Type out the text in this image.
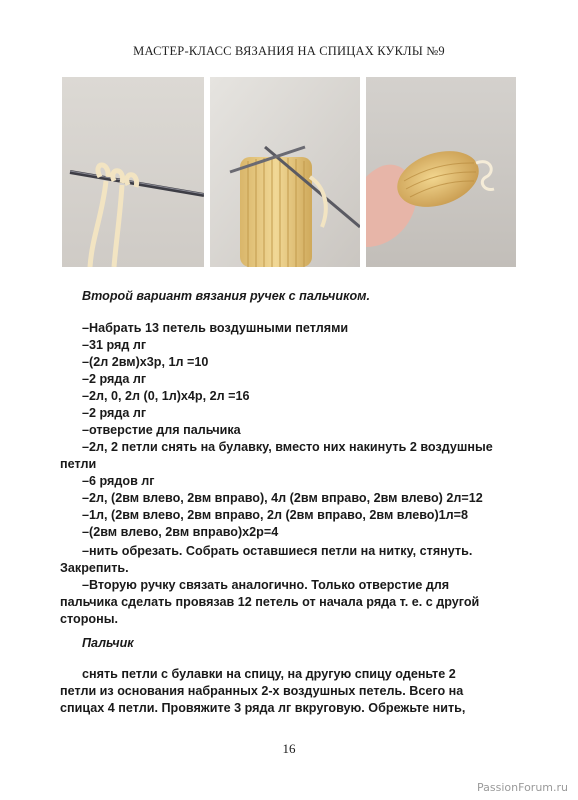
МАСТЕР-КЛАСС ВЯЗАНИЯ НА СПИЦАХ КУКЛЫ №9
Второй вариант вязания ручек с пальчиком.
–Набрать 13 петель воздушными петлями
–31 ряд лг
–(2л 2вм)х3р, 1л =10
–2 ряда лг
–2л, 0, 2л (0, 1л)х4р, 2л =16
–2 ряда лг
–отверстие для пальчика
–2л, 2 петли снять на булавку, вместо них накинуть 2 воздушные
петли
–6 рядов лг
–2л, (2вм влево, 2вм вправо), 4л (2вм вправо, 2вм влево) 2л=12
–1л, (2вм влево, 2вм вправо, 2л (2вм вправо, 2вм влево)1л=8
–(2вм влево, 2вм вправо)х2р=4
–нить обрезать. Собрать оставшиеся петли на нитку, стянуть.
Закрепить.
–Вторую ручку связать аналогично. Только отверстие для
пальчика сделать провязав 12 петель от начала ряда т. е. с другой
стороны.
Пальчик
снять петли с булавки на спицу, на другую спицу оденьте 2
петли из основания набранных 2-х воздушных петель. Всего на
спицах 4 петли. Провяжите 3 ряда лг вкруговую. Обрежьте нить,
16
PassionForum.ru
